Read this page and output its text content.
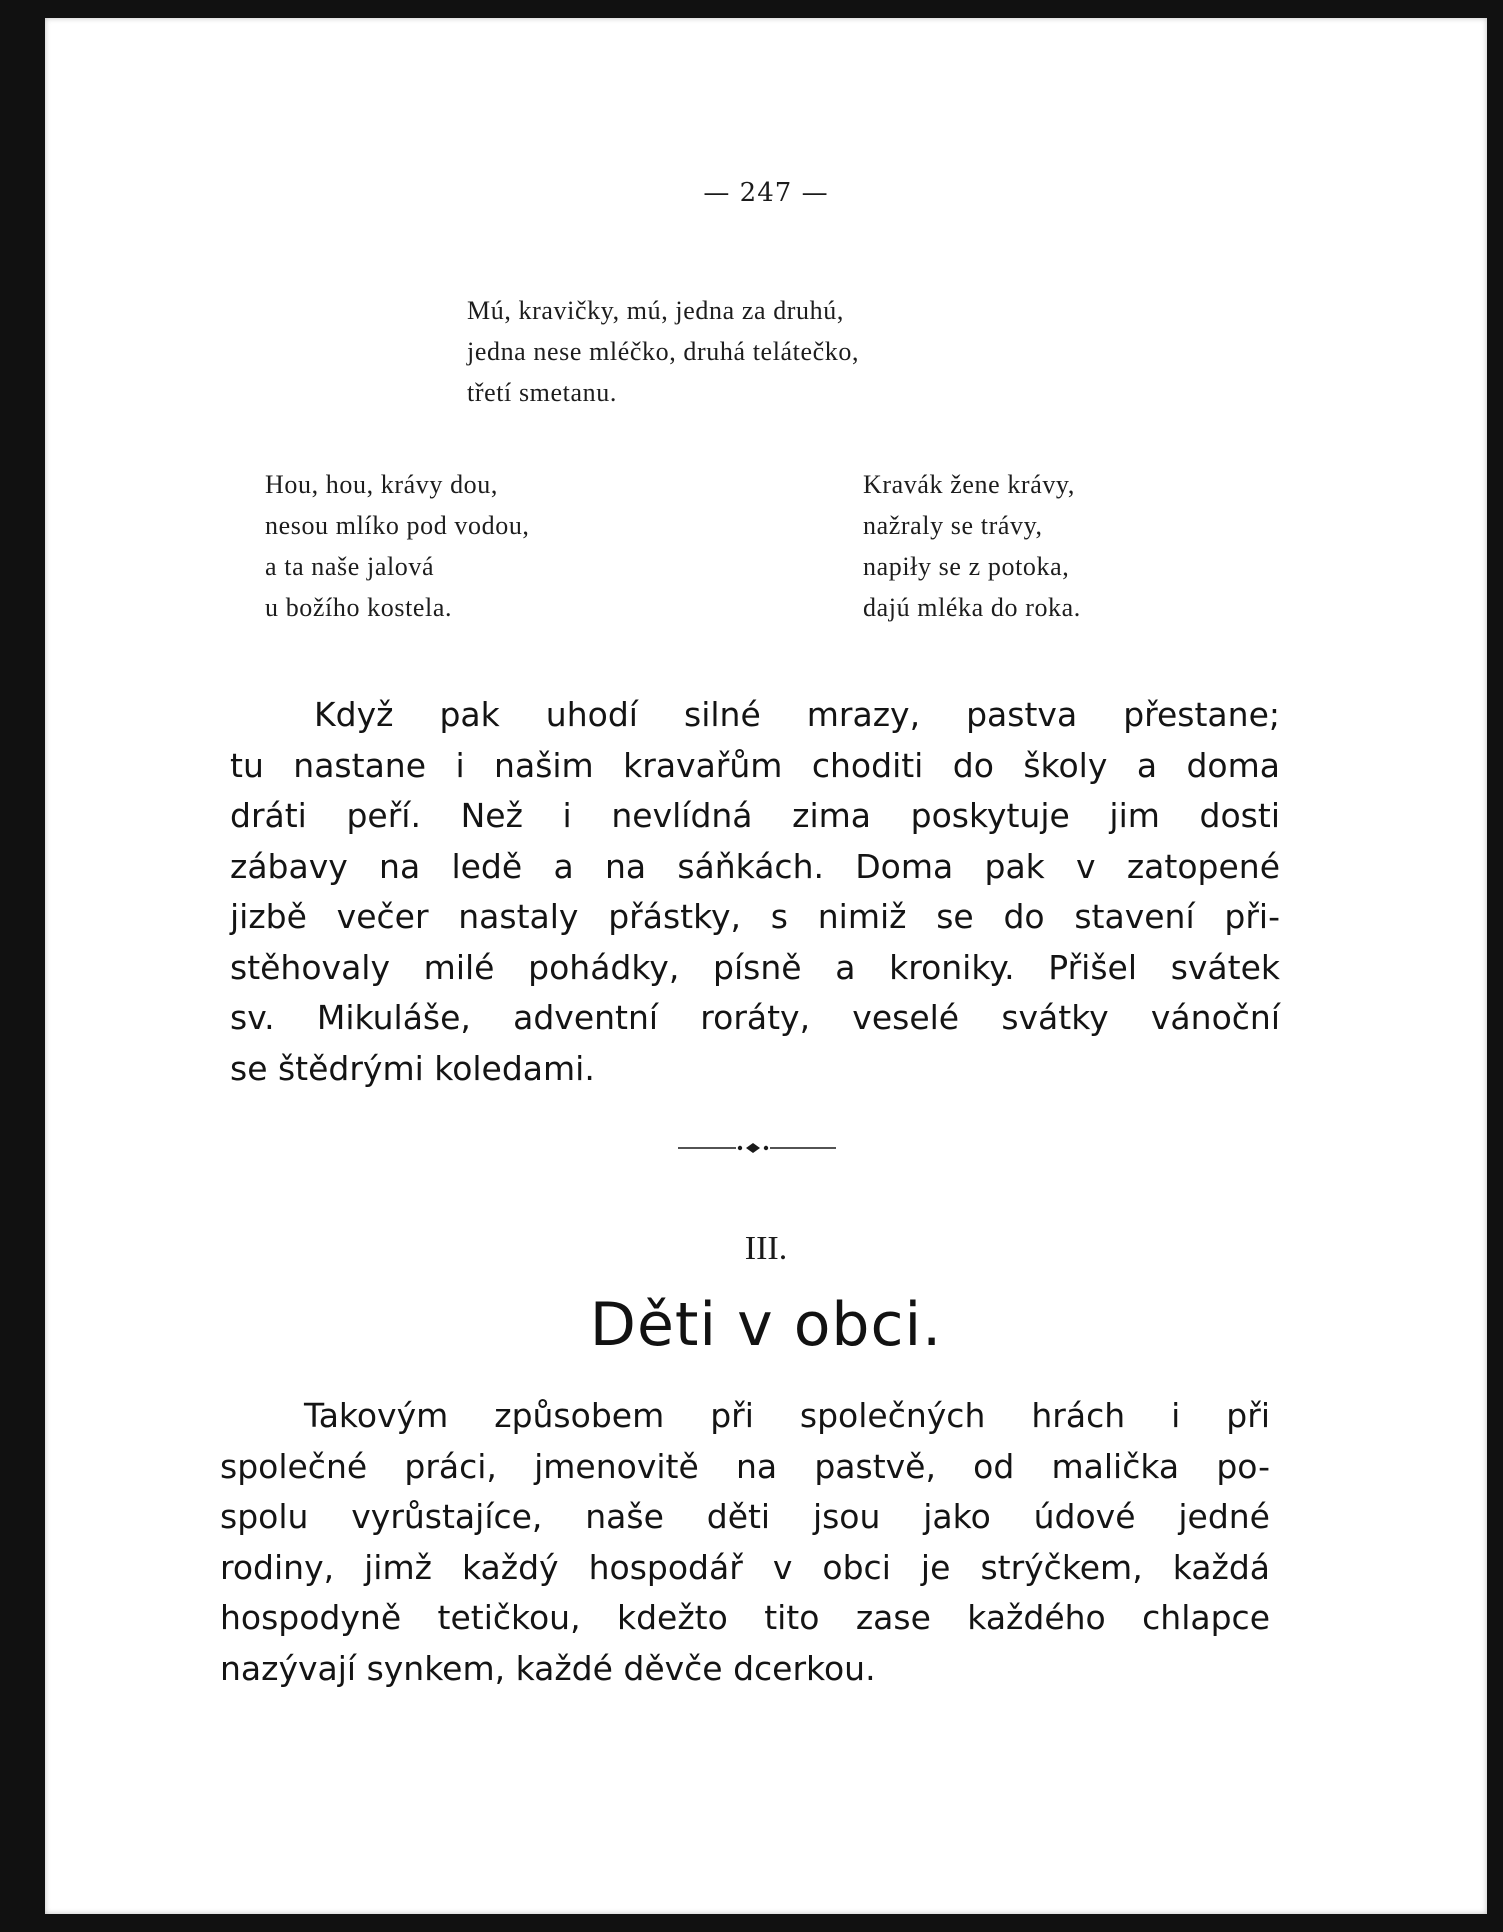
— 247 —
Mú, kravičky, mú, jedna za druhú,
jedna nese mléčko, druhá telátečko,
třetí smetanu.
Hou, hou, krávy dou,
nesou mlíko pod vodou,
a ta naše jalová
u božího kostela.
Kravák žene krávy,
nažraly se trávy,
napiły se z potoka,
dajú mléka do roka.
Když pak uhodí silné mrazy, pastva přestane;
tu nastane i našim kravařům choditi do školy a doma
dráti peří. Než i nevlídná zima poskytuje jim dosti
zábavy na ledě a na sáňkách. Doma pak v zatopené
jizbě večer nastaly přástky, s nimiž se do stavení při-
stěhovaly milé pohádky, písně a kroniky. Přišel svátek
sv. Mikuláše, adventní roráty, veselé svátky vánoční
se štědrými koledami.
III.
Děti v obci.
Takovým způsobem při společných hrách i při
společné práci, jmenovitě na pastvě, od malička po-
spolu vyrůstajíce, naše děti jsou jako údové jedné
rodiny, jimž každý hospodář v obci je strýčkem, každá
hospodyně tetičkou, kdežto tito zase každého chlapce
nazývají synkem, každé děvče dcerkou.
